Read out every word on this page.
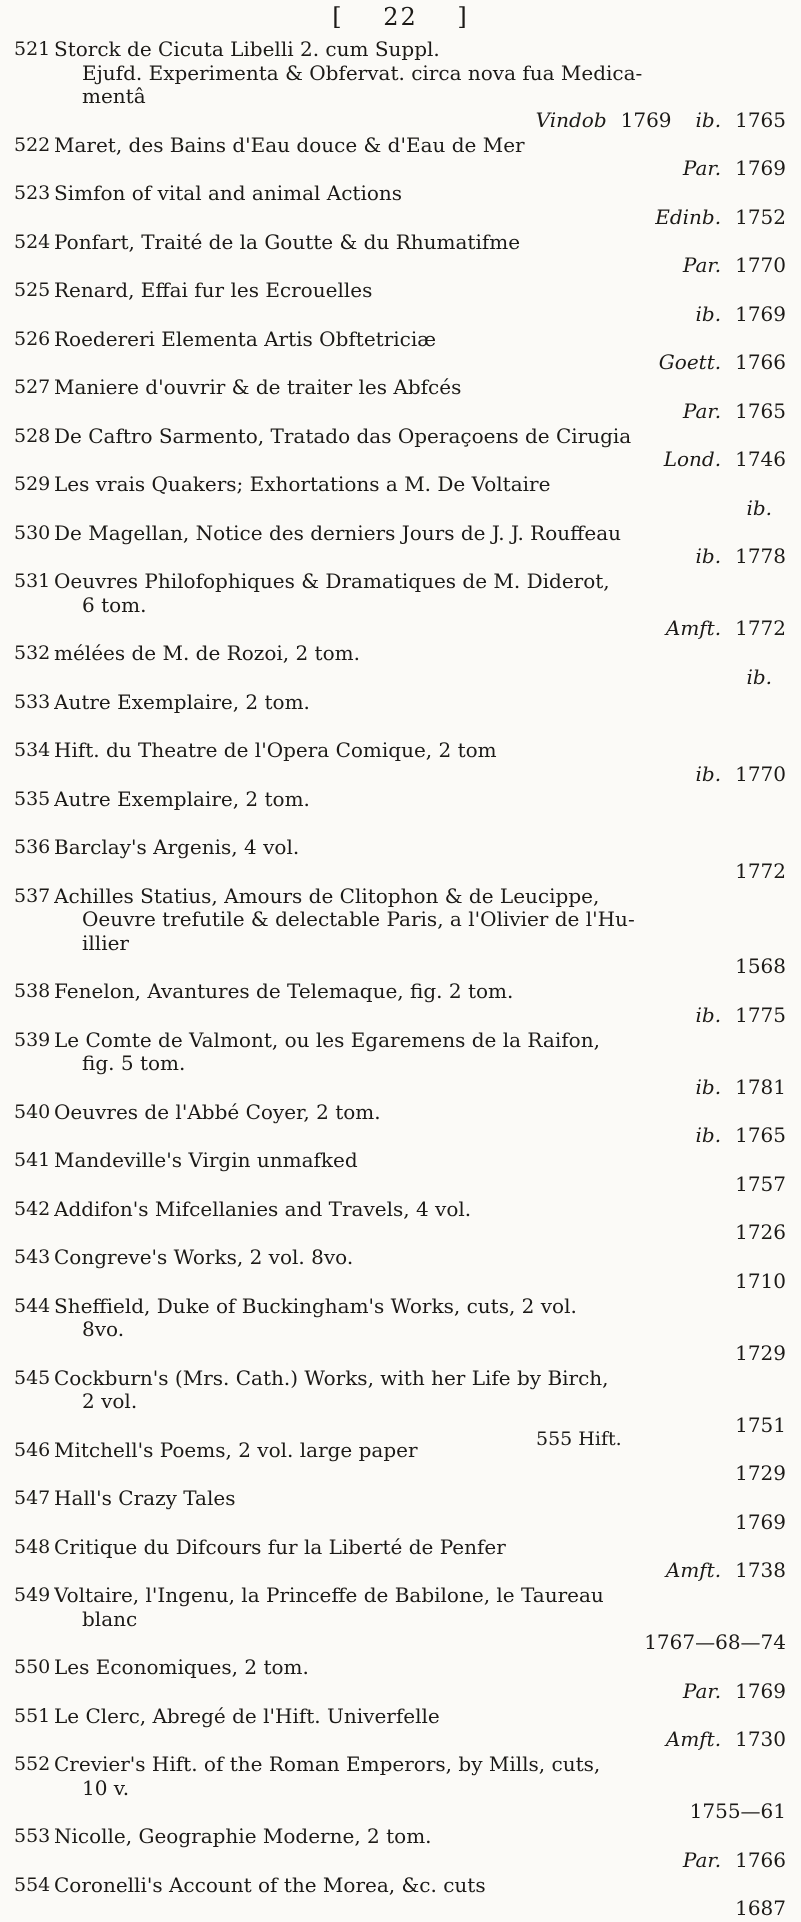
[ 22 ]
521 Storck de Cicuta Libelli 2. cum Suppl.
Ejufd. Experimenta & Obfervat. circa nova fua Medica-
mentâ
Vindob 1769 ib. 1765
522 Maret, des Bains d'Eau douce & d'Eau de Mer
Par. 1769
523 Simfon of vital and animal Actions
Edinb. 1752
524 Ponfart, Traité de la Goutte & du Rhumatifme
Par. 1770
525 Renard, Effai fur les Ecrouelles
ib. 1769
526 Roedereri Elementa Artis Obftetriciæ
Goett. 1766
527 Maniere d'ouvrir & de traiter les Abfcés
Par. 1765
528 De Caftro Sarmento, Tratado das Operaçoens de Cirugia
Lond. 1746
529 Les vrais Quakers; Exhortations a M. De Voltaire
ib.
530 De Magellan, Notice des derniers Jours de J. J. Rouffeau
ib. 1778
531 Oeuvres Philofophiques & Dramatiques de M. Diderot,
6 tom.
Amft. 1772
532 mélées de M. de Rozoi, 2 tom.
ib.
533 Autre Exemplaire, 2 tom.
534 Hift. du Theatre de l'Opera Comique, 2 tom
ib. 1770
535 Autre Exemplaire, 2 tom.
536 Barclay's Argenis, 4 vol.
1772
537 Achilles Statius, Amours de Clitophon & de Leucippe,
Oeuvre trefutile & delectable Paris, a l'Olivier de l'Hu-
illier
1568
538 Fenelon, Avantures de Telemaque, fig. 2 tom.
ib. 1775
539 Le Comte de Valmont, ou les Egaremens de la Raifon,
fig. 5 tom.
ib. 1781
540 Oeuvres de l'Abbé Coyer, 2 tom.
ib. 1765
541 Mandeville's Virgin unmafked
1757
542 Addifon's Mifcellanies and Travels, 4 vol.
1726
543 Congreve's Works, 2 vol. 8vo.
1710
544 Sheffield, Duke of Buckingham's Works, cuts, 2 vol.
8vo.
1729
545 Cockburn's (Mrs. Cath.) Works, with her Life by Birch,
2 vol.
1751
546 Mitchell's Poems, 2 vol. large paper
1729
547 Hall's Crazy Tales
1769
548 Critique du Difcours fur la Liberté de Penfer
Amft. 1738
549 Voltaire, l'Ingenu, la Princeffe de Babilone, le Taureau
blanc
1767—68—74
550 Les Economiques, 2 tom.
Par. 1769
551 Le Clerc, Abregé de l'Hift. Univerfelle
Amft. 1730
552 Crevier's Hift. of the Roman Emperors, by Mills, cuts,
10 v.
1755—61
553 Nicolle, Geographie Moderne, 2 tom.
Par. 1766
554 Coronelli's Account of the Morea, &c. cuts
1687
555 Hift.
